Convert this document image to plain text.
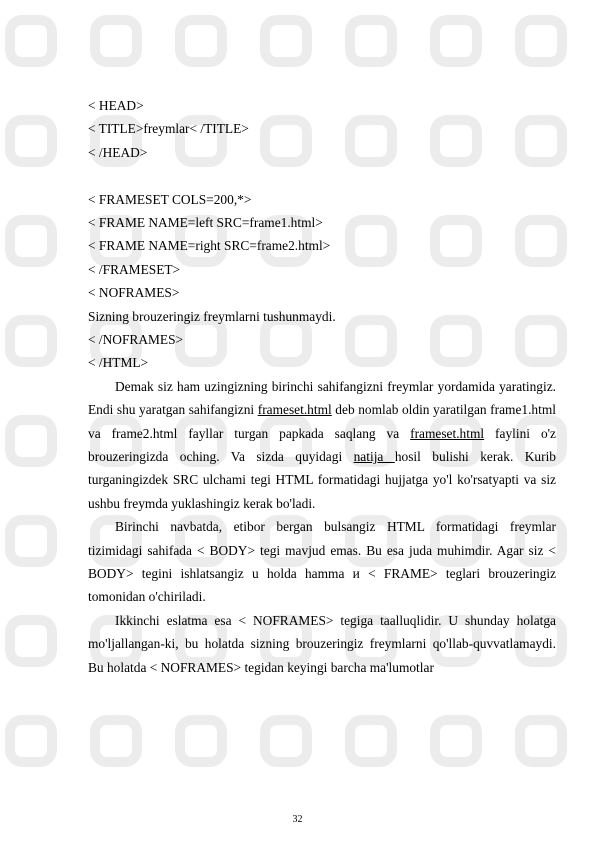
< HEAD>
< TITLE>freymlar< /TITLE>
< /HEAD>
< FRAMESET COLS=200,*>
< FRAME NAME=left SRC=frame1.html>
< FRAME NAME=right SRC=frame2.html>
< /FRAMESET>
< NOFRAMES>
Sizning brouzeringiz freymlarni tushunmaydi.
< /NOFRAMES>
< /HTML>

Demak siz ham uzingizning birinchi sahifangizni freymlar yordamida yaratingiz. Endi shu yaratgan sahifangizni frameset.html deb nomlab oldin yaratilgan frame1.html va frame2.html fayllar turgan papkada saqlang va frameset.html faylini o'z brouzeringizda oching. Va sizda quyidagi natija hosil bulishi kerak. Kurib turganingizdek SRC ulchami tegi HTML formatidagi hujjatga yo'l ko'rsatyapti va siz ushbu freymda yuklashingiz kerak bo'ladi.

Birinchi navbatda, etibor bergan bulsangiz HTML formatidagi freymlar tizimidagi sahifada < BODY> tegi mavjud emas. Bu esa juda muhimdir. Agar siz < BODY> tegini ishlatsangiz u holda hamma и < FRAME> teglari brouzeringiz tomonidan o'chiriladi.

Ikkinchi eslatma esa < NOFRAMES> tegiga taalluqlidir. U shunday holatga mo'ljallangan-ki, bu holatda sizning brouzeringiz freymlarni qo'llab-quvvatlamaydi. Bu holatda < NOFRAMES> tegidan keyingi barcha ma'lumotlar

32
